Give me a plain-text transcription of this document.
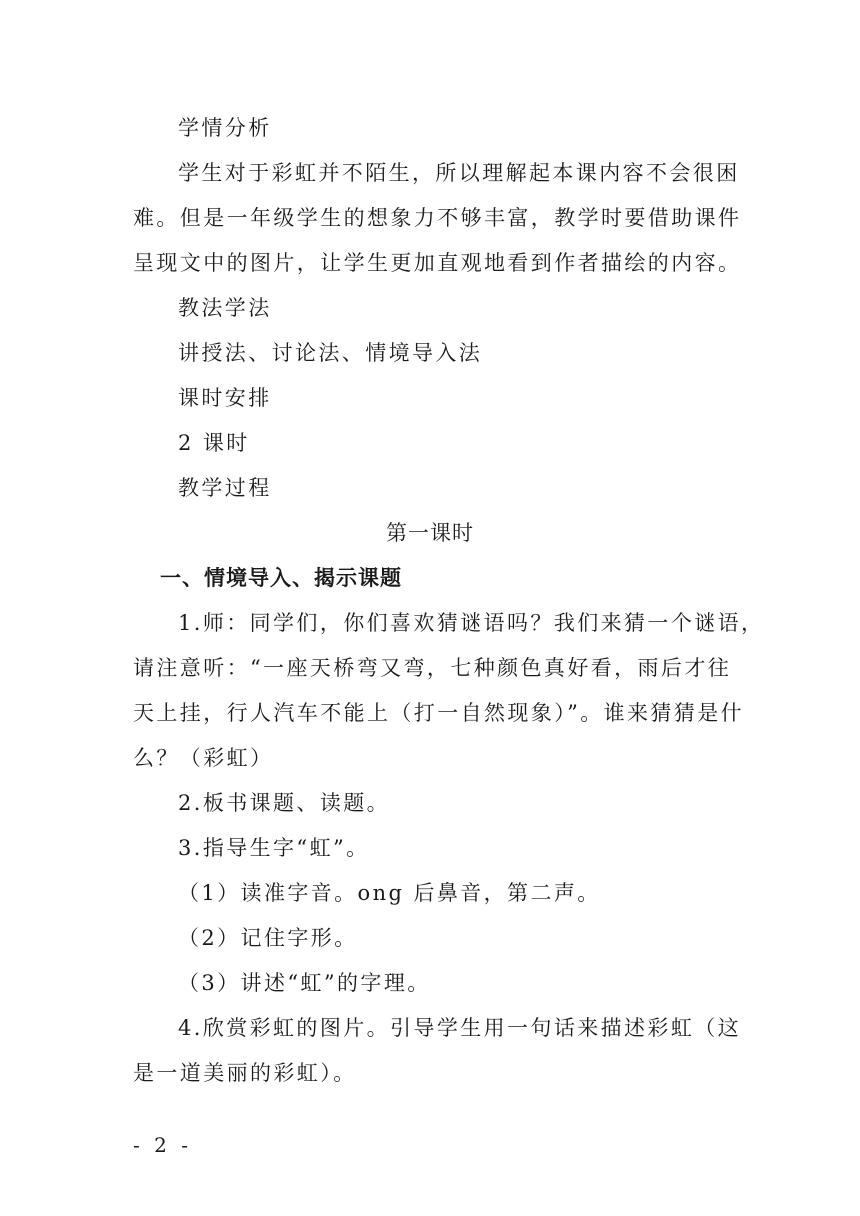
学情分析
学生对于彩虹并不陌生，所以理解起本课内容不会很困
难。但是一年级学生的想象力不够丰富，教学时要借助课件
呈现文中的图片，让学生更加直观地看到作者描绘的内容。
教法学法
讲授法、讨论法、情境导入法
课时安排
2 课时
教学过程
第一课时
一、情境导入、揭示课题
1.师：同学们，你们喜欢猜谜语吗？我们来猜一个谜语，
请注意听：“一座天桥弯又弯，七种颜色真好看，雨后才往
天上挂，行人汽车不能上（打一自然现象）”。谁来猜猜是什
么？（彩虹）
2.板书课题、读题。
3.指导生字“虹”。
（1）读准字音。ong 后鼻音，第二声。
（2）记住字形。
（3）讲述“虹”的字理。
4.欣赏彩虹的图片。引导学生用一句话来描述彩虹（这
是一道美丽的彩虹）。
- 2 -
